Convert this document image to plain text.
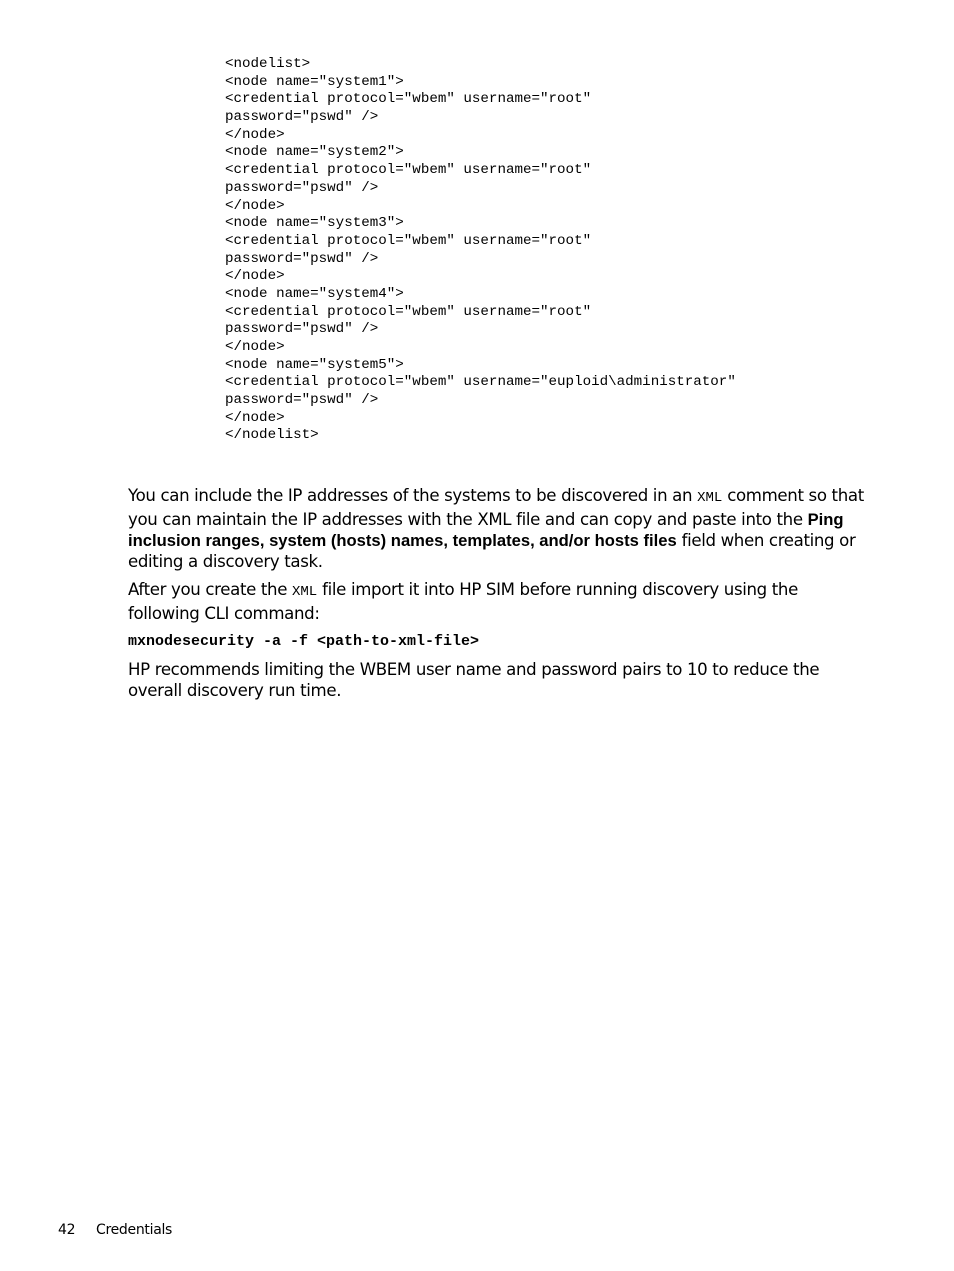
<nodelist>
<node name="system1">
<credential protocol="wbem" username="root"
password="pswd" />
</node>
<node name="system2">
<credential protocol="wbem" username="root"
password="pswd" />
</node>
<node name="system3">
<credential protocol="wbem" username="root"
password="pswd" />
</node>
<node name="system4">
<credential protocol="wbem" username="root"
password="pswd" />
</node>
<node name="system5">
<credential protocol="wbem" username="euploid\administrator"
password="pswd" />
</node>
</nodelist>

You can include the IP addresses of the systems to be discovered in an XML comment so that you can maintain the IP addresses with the XML file and can copy and paste into the Ping inclusion ranges, system (hosts) names, templates, and/or hosts files field when creating or editing a discovery task.

After you create the XML file import it into HP SIM before running discovery using the following CLI command:

mxnodesecurity -a -f <path-to-xml-file>

HP recommends limiting the WBEM user name and password pairs to 10 to reduce the overall discovery run time.

42 Credentials
